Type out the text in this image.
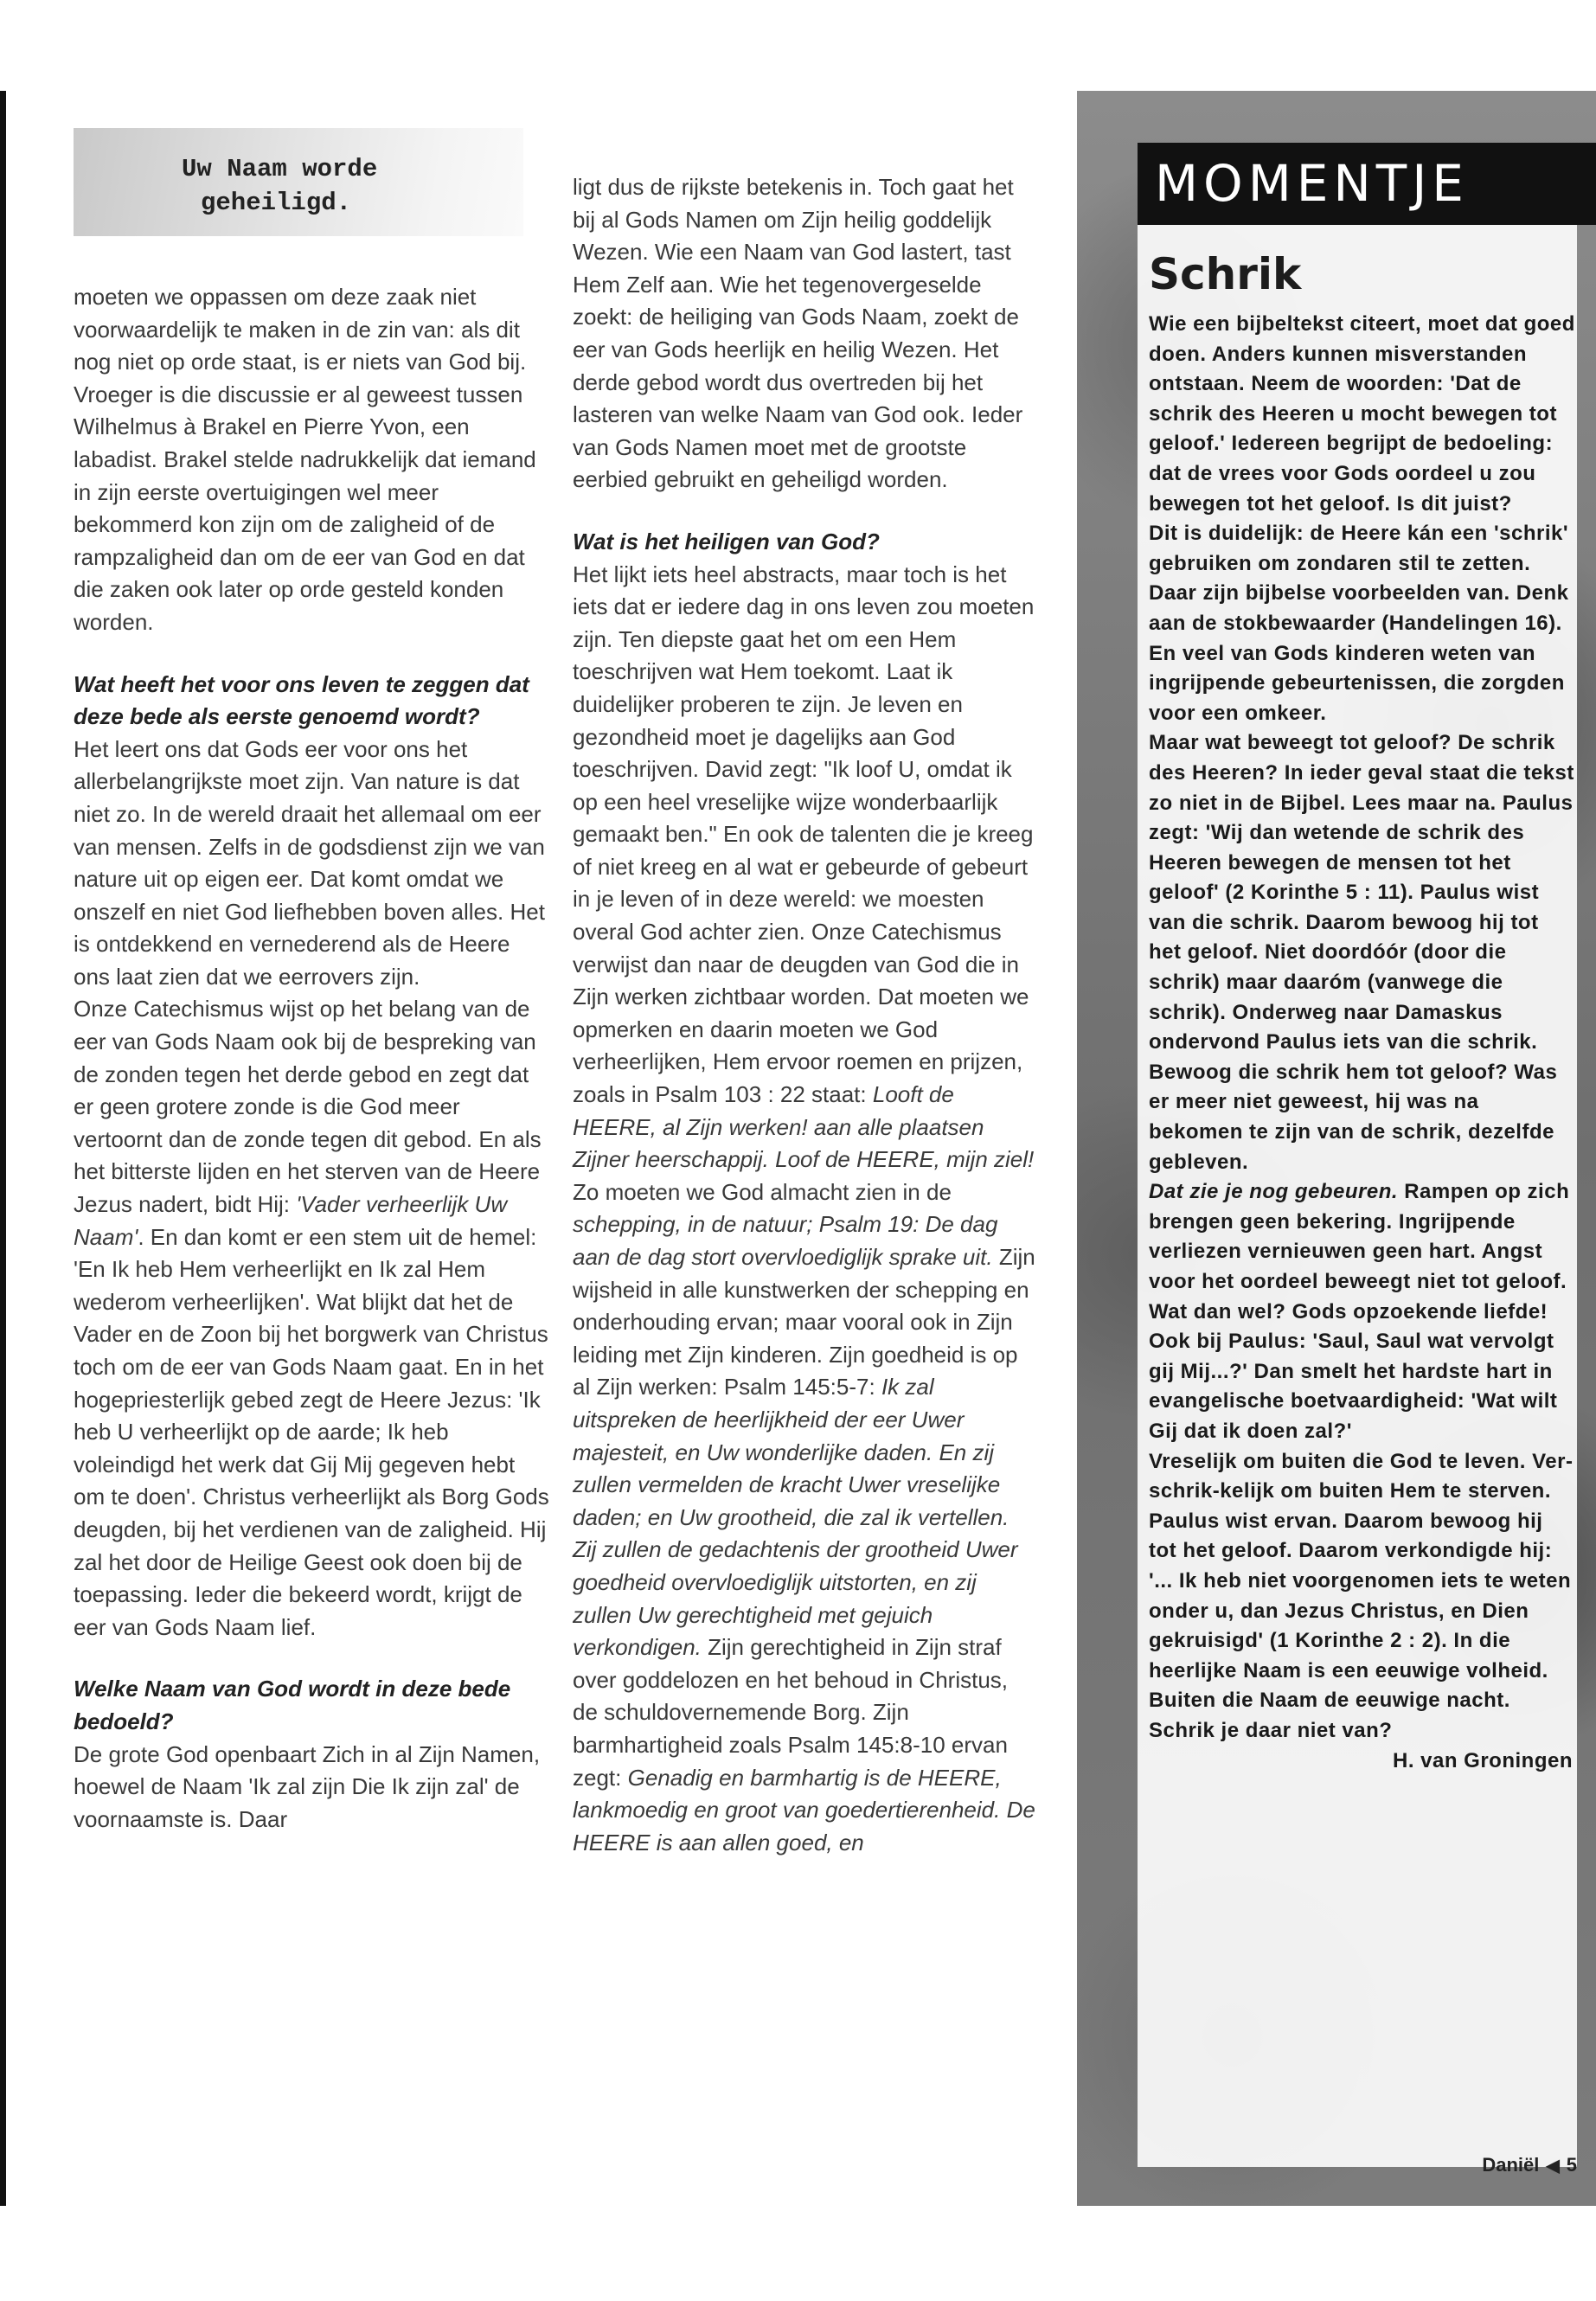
Uw Naam worde
geheiligd.

moeten we oppassen om deze zaak niet voorwaardelijk te maken in de zin van: als dit nog niet op orde staat, is er niets van God bij. Vroeger is die discussie er al geweest tussen Wilhelmus à Brakel en Pierre Yvon, een labadist. Brakel stelde nadrukkelijk dat iemand in zijn eerste overtuigingen wel meer bekommerd kon zijn om de zaligheid of de rampzaligheid dan om de eer van God en dat die zaken ook later op orde gesteld konden worden.

Wat heeft het voor ons leven te zeggen dat deze bede als eerste genoemd wordt?

Het leert ons dat Gods eer voor ons het allerbelangrijkste moet zijn. Van nature is dat niet zo. In de wereld draait het allemaal om eer van mensen. Zelfs in de godsdienst zijn we van nature uit op eigen eer. Dat komt omdat we onszelf en niet God liefhebben boven alles. Het is ontdekkend en vernederend als de Heere ons laat zien dat we eerrovers zijn.

Onze Catechismus wijst op het belang van de eer van Gods Naam ook bij de bespreking van de zonden tegen het derde gebod en zegt dat er geen grotere zonde is die God meer vertoornt dan de zonde tegen dit gebod. En als het bitterste lijden en het sterven van de Heere Jezus nadert, bidt Hij: 'Vader verheerlijk Uw Naam'. En dan komt er een stem uit de hemel: 'En Ik heb Hem verheerlijkt en Ik zal Hem wederom verheerlijken'. Wat blijkt dat het de Vader en de Zoon bij het borgwerk van Christus toch om de eer van Gods Naam gaat. En in het hogepriesterlijk gebed zegt de Heere Jezus: 'Ik heb U verheerlijkt op de aarde; Ik heb voleindigd het werk dat Gij Mij gegeven hebt om te doen'. Christus verheerlijkt als Borg Gods deugden, bij het verdienen van de zaligheid. Hij zal het door de Heilige Geest ook doen bij de toepassing. Ieder die bekeerd wordt, krijgt de eer van Gods Naam lief.

Welke Naam van God wordt in deze bede bedoeld?

De grote God openbaart Zich in al Zijn Namen, hoewel de Naam 'Ik zal zijn Die Ik zijn zal' de voornaamste is. Daar

ligt dus de rijkste betekenis in. Toch gaat het bij al Gods Namen om Zijn heilig goddelijk Wezen. Wie een Naam van God lastert, tast Hem Zelf aan. Wie het tegenovergeselde zoekt: de heiliging van Gods Naam, zoekt de eer van Gods heerlijk en heilig Wezen. Het derde gebod wordt dus overtreden bij het lasteren van welke Naam van God ook. Ieder van Gods Namen moet met de grootste eerbied gebruikt en geheiligd worden.

Wat is het heiligen van God?

Het lijkt iets heel abstracts, maar toch is het iets dat er iedere dag in ons leven zou moeten zijn. Ten diepste gaat het om een Hem toeschrijven wat Hem toekomt. Laat ik duidelijker proberen te zijn. Je leven en gezondheid moet je dagelijks aan God toeschrijven. David zegt: "Ik loof U, omdat ik op een heel vreselijke wijze wonderbaarlijk gemaakt ben." En ook de talenten die je kreeg of niet kreeg en al wat er gebeurde of gebeurt in je leven of in deze wereld: we moesten overal God achter zien. Onze Catechismus verwijst dan naar de deugden van God die in Zijn werken zichtbaar worden. Dat moeten we opmerken en daarin moeten we God verheerlijken, Hem ervoor roemen en prijzen, zoals in Psalm 103 : 22 staat: Looft de HEERE, al Zijn werken! aan alle plaatsen Zijner heerschappij. Loof de HEERE, mijn ziel! Zo moeten we God almacht zien in de schepping, in de natuur; Psalm 19: De dag aan de dag stort overvloediglijk sprake uit. Zijn wijsheid in alle kunstwerken der schepping en onderhouding ervan; maar vooral ook in Zijn leiding met Zijn kinderen. Zijn goedheid is op al Zijn werken: Psalm 145:5-7: Ik zal uitspreken de heerlijkheid der eer Uwer majesteit, en Uw wonderlijke daden. En zij zullen vermelden de kracht Uwer vreselijke daden; en Uw grootheid, die zal ik vertellen. Zij zullen de gedachtenis der grootheid Uwer goedheid overvloediglijk uitstorten, en zij zullen Uw gerechtigheid met gejuich verkondigen. Zijn gerechtigheid in Zijn straf over goddelozen en het behoud in Christus, de schuldovernemende Borg. Zijn barmhartigheid zoals Psalm 145:8-10 ervan zegt: Genadig en barmhartig is de HEERE, lankmoedig en groot van goedertierenheid. De HEERE is aan allen goed, en

MOMENTJE
Schrik

Wie een bijbeltekst citeert, moet dat goed doen. Anders kunnen misverstanden ontstaan. Neem de woorden: 'Dat de schrik des Heeren u mocht bewegen tot geloof.' Iedereen begrijpt de bedoeling: dat de vrees voor Gods oordeel u zou bewegen tot het geloof. Is dit juist?

Dit is duidelijk: de Heere kán een 'schrik' gebruiken om zondaren stil te zetten. Daar zijn bijbelse voorbeelden van. Denk aan de stokbewaarder (Handelingen 16). En veel van Gods kinderen weten van ingrijpende gebeurtenissen, die zorgden voor een omkeer.

Maar wat beweegt tot geloof? De schrik des Heeren? In ieder geval staat die tekst zo niet in de Bijbel. Lees maar na. Paulus zegt: 'Wij dan wetende de schrik des Heeren bewegen de mensen tot het geloof' (2 Korinthe 5 : 11). Paulus wist van die schrik. Daarom bewoog hij tot het geloof. Niet doordóór (door die schrik) maar daaróm (vanwege die schrik). Onderweg naar Damaskus ondervond Paulus iets van die schrik. Bewoog die schrik hem tot geloof? Was er meer niet geweest, hij was na bekomen te zijn van de schrik, dezelfde gebleven.

Dat zie je nog gebeuren. Rampen op zich brengen geen bekering. Ingrijpende verliezen vernieuwen geen hart. Angst voor het oordeel beweegt niet tot geloof. Wat dan wel? Gods opzoekende liefde! Ook bij Paulus: 'Saul, Saul wat vervolgt gij Mij...?' Dan smelt het hardste hart in evangelische boetvaardigheid: 'Wat wilt Gij dat ik doen zal?'

Vreselijk om buiten die God te leven. Ver-schrik-kelijk om buiten Hem te sterven. Paulus wist ervan. Daarom bewoog hij tot het geloof. Daarom verkondigde hij: '... Ik heb niet voorgenomen iets te weten onder u, dan Jezus Christus, en Dien gekruisigd' (1 Korinthe 2 : 2). In die heerlijke Naam is een eeuwige volheid. Buiten die Naam de eeuwige nacht.

Schrik je daar niet van?

H. van Groningen

Daniël ◀ 5
